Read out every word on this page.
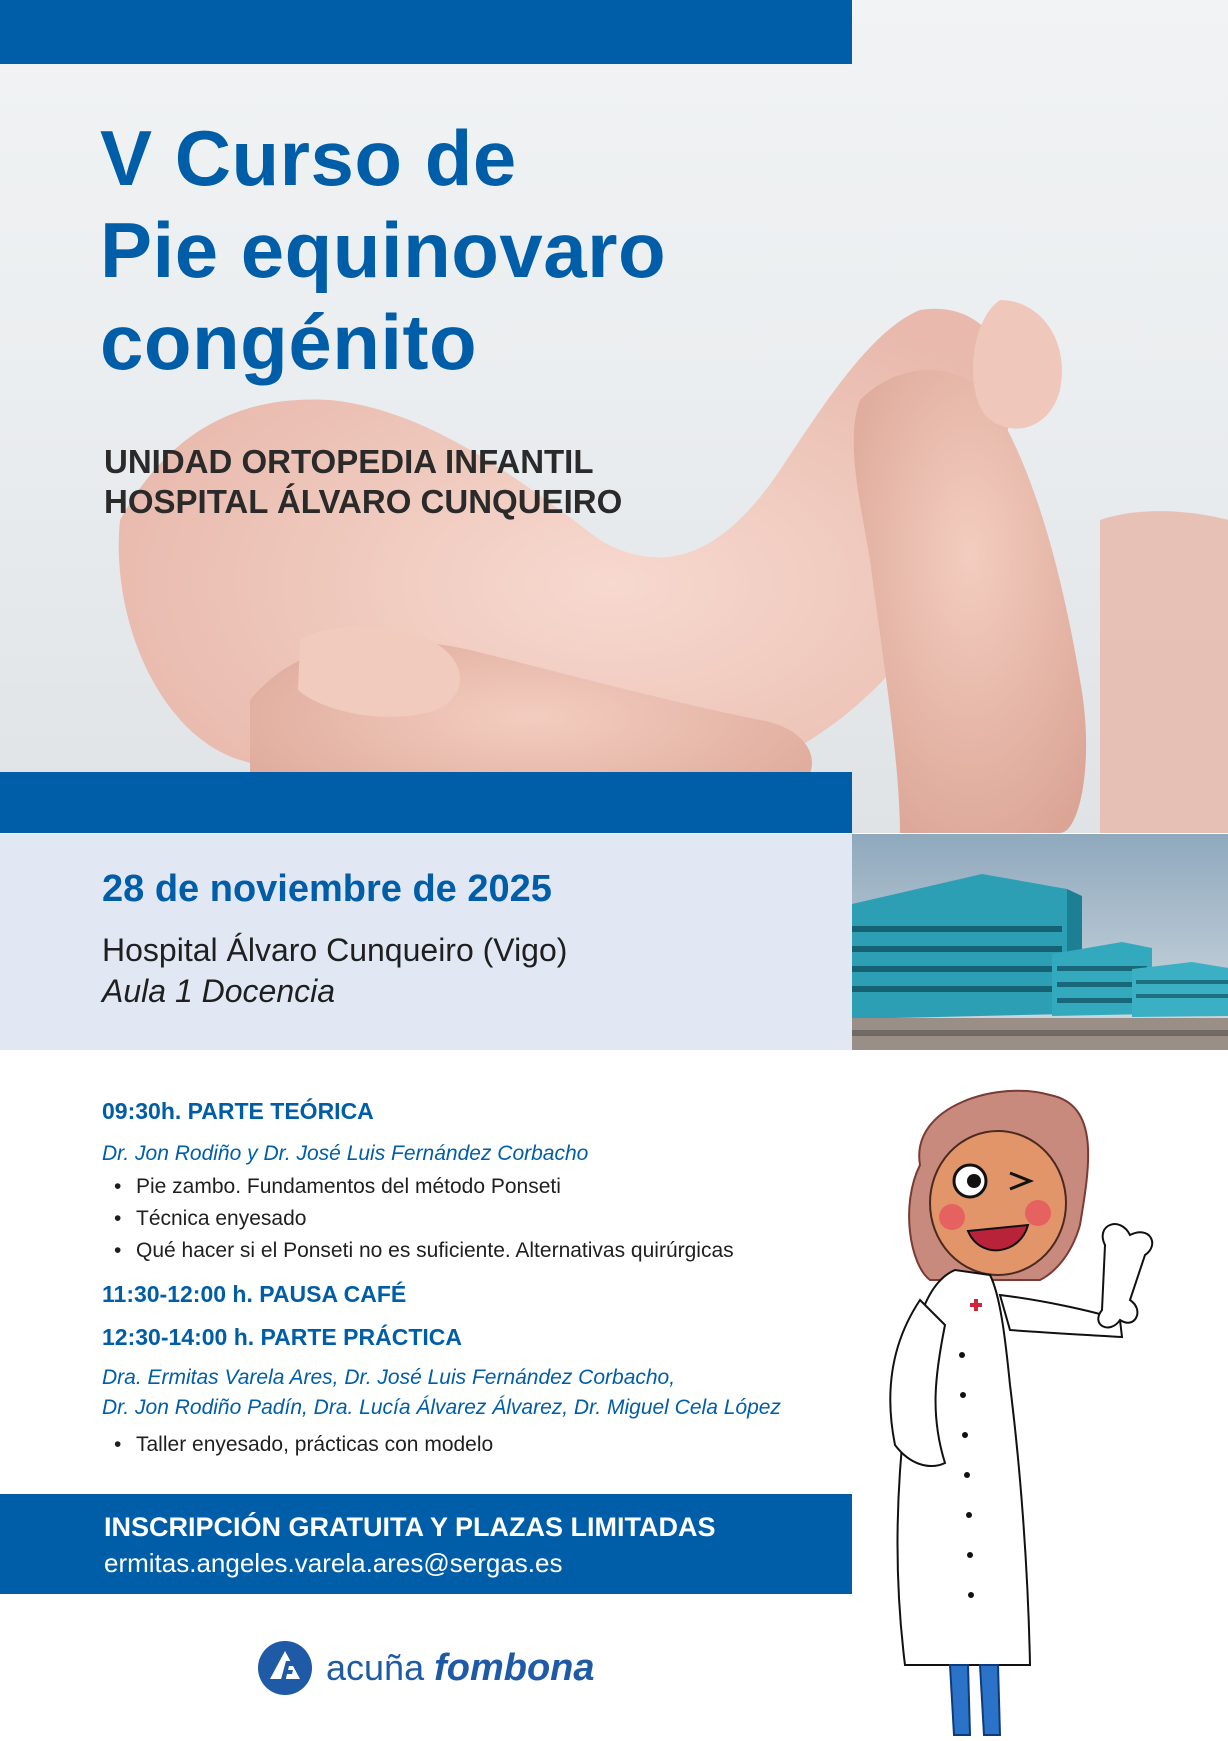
V Curso de
Pie equinovaro
congénito
UNIDAD ORTOPEDIA INFANTIL
HOSPITAL ÁLVARO CUNQUEIRO

28 de noviembre de 2025

Hospital Álvaro Cunqueiro (Vigo)

Aula 1 Docencia

09:30h. PARTE TEÓRICA

Dr. Jon Rodiño y Dr. José Luis Fernández Corbacho

• Pie zambo. Fundamentos del método Ponseti
• Técnica enyesado
• Qué hacer si el Ponseti no es suficiente. Alternativas quirúrgicas

11:30-12:00 h. PAUSA CAFÉ

12:30-14:00 h. PARTE PRÁCTICA

Dra. Ermitas Varela Ares, Dr. José Luis Fernández Corbacho,

Dr. Jon Rodiño Padín, Dra. Lucía Álvarez Álvarez, Dr. Miguel Cela López

• Taller enyesado, prácticas con modelo

INSCRIPCIÓN GRATUITA Y PLAZAS LIMITADAS

ermitas.angeles.varela.ares@sergas.es

acuña fombona
